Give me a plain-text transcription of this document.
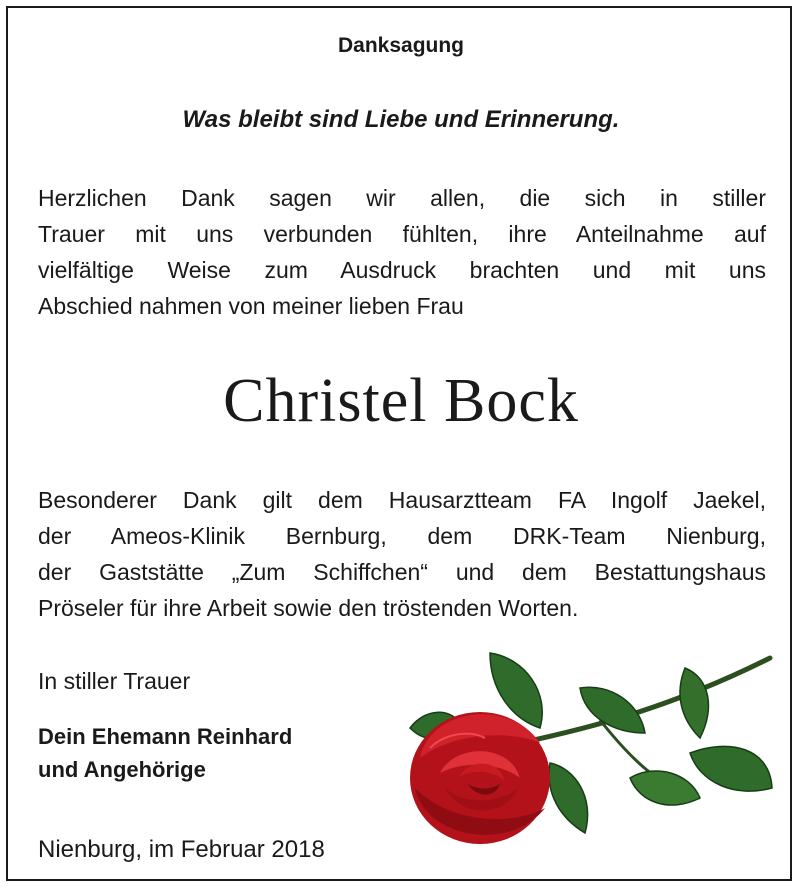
Danksagung
Was bleibt sind Liebe und Erinnerung.
Herzlichen Dank sagen wir allen, die sich in stiller
Trauer mit uns verbunden fühlten, ihre Anteilnahme auf
vielfältige Weise zum Ausdruck brachten und mit uns
Abschied nahmen von meiner lieben Frau
Christel Bock
Besonderer Dank gilt dem Hausarztteam FA Ingolf Jaekel,
der Ameos-Klinik Bernburg, dem DRK-Team Nienburg,
der Gaststätte „Zum Schiffchen“ und dem Bestattungshaus
Pröseler für ihre Arbeit sowie den tröstenden Worten.
In stiller Trauer
Dein Ehemann Reinhard
und Angehörige
Nienburg, im Februar 2018
